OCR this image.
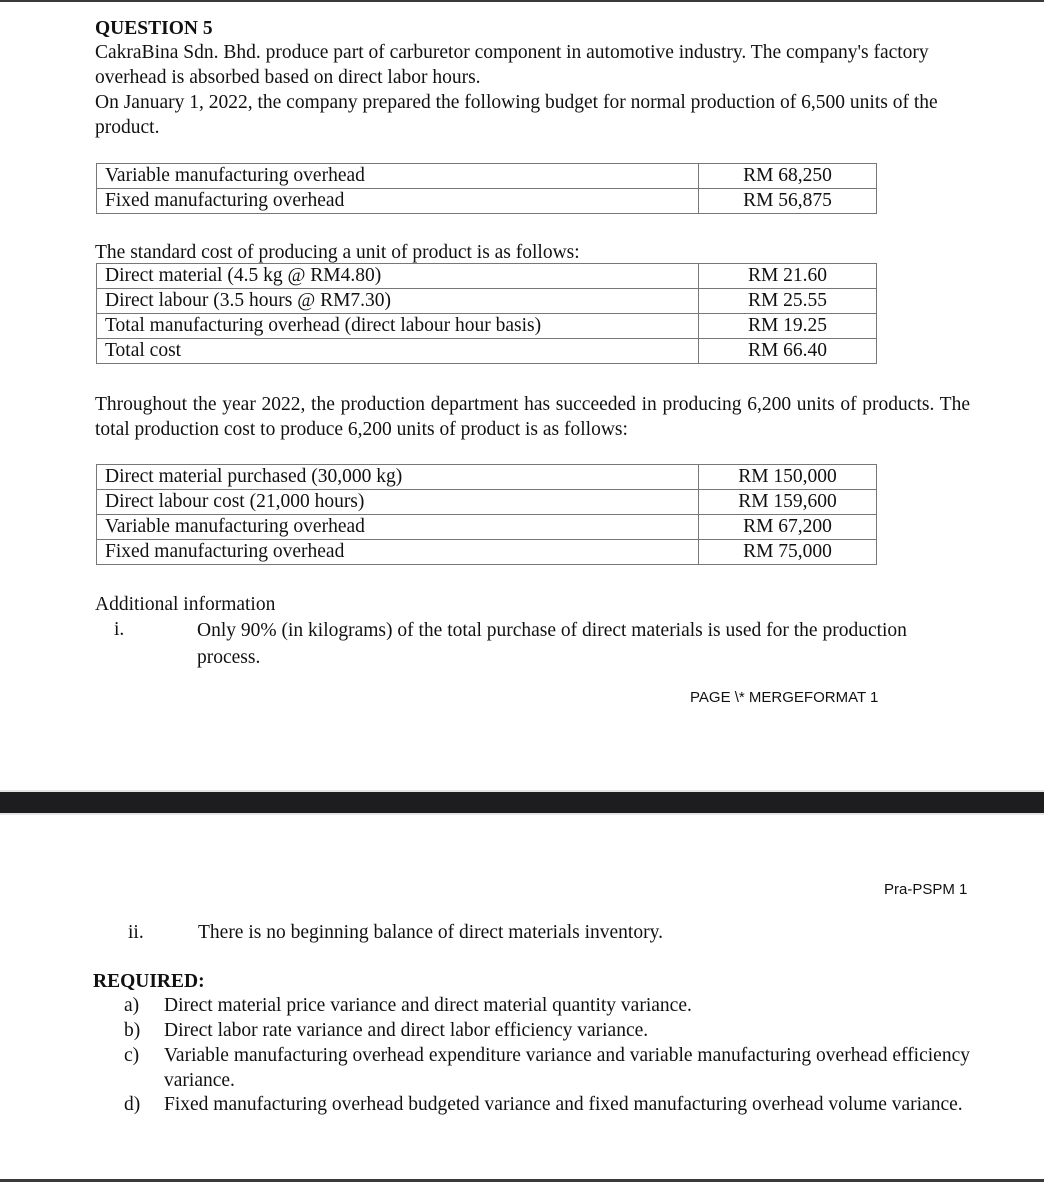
QUESTION 5
CakraBina Sdn. Bhd. produce part of carburetor component in automotive industry. The company's factory overhead is absorbed based on direct labor hours.
On January 1, 2022, the company prepared the following budget for normal production of 6,500 units of the product.
Variable manufacturing overhead	RM 68,250
Fixed manufacturing overhead	RM 56,875
The standard cost of producing a unit of product is as follows:
Direct material (4.5 kg @ RM4.80)	RM 21.60
Direct labour (3.5 hours @ RM7.30)	RM 25.55
Total manufacturing overhead (direct labour hour basis)	RM 19.25
Total cost	RM 66.40
Throughout the year 2022, the production department has succeeded in producing 6,200 units of products. The total production cost to produce 6,200 units of product is as follows:
Direct material purchased (30,000 kg)	RM 150,000
Direct labour cost (21,000 hours)	RM 159,600
Variable manufacturing overhead	RM 67,200
Fixed manufacturing overhead	RM 75,000
Additional information
i.	Only 90% (in kilograms) of the total purchase of direct materials is used for the production process.
PAGE \* MERGEFORMAT 1
Pra-PSPM 1
ii.	There is no beginning balance of direct materials inventory.
REQUIRED:
a) Direct material price variance and direct material quantity variance.
b) Direct labor rate variance and direct labor efficiency variance.
c) Variable manufacturing overhead expenditure variance and variable manufacturing overhead efficiency variance.
d) Fixed manufacturing overhead budgeted variance and fixed manufacturing overhead volume variance.
